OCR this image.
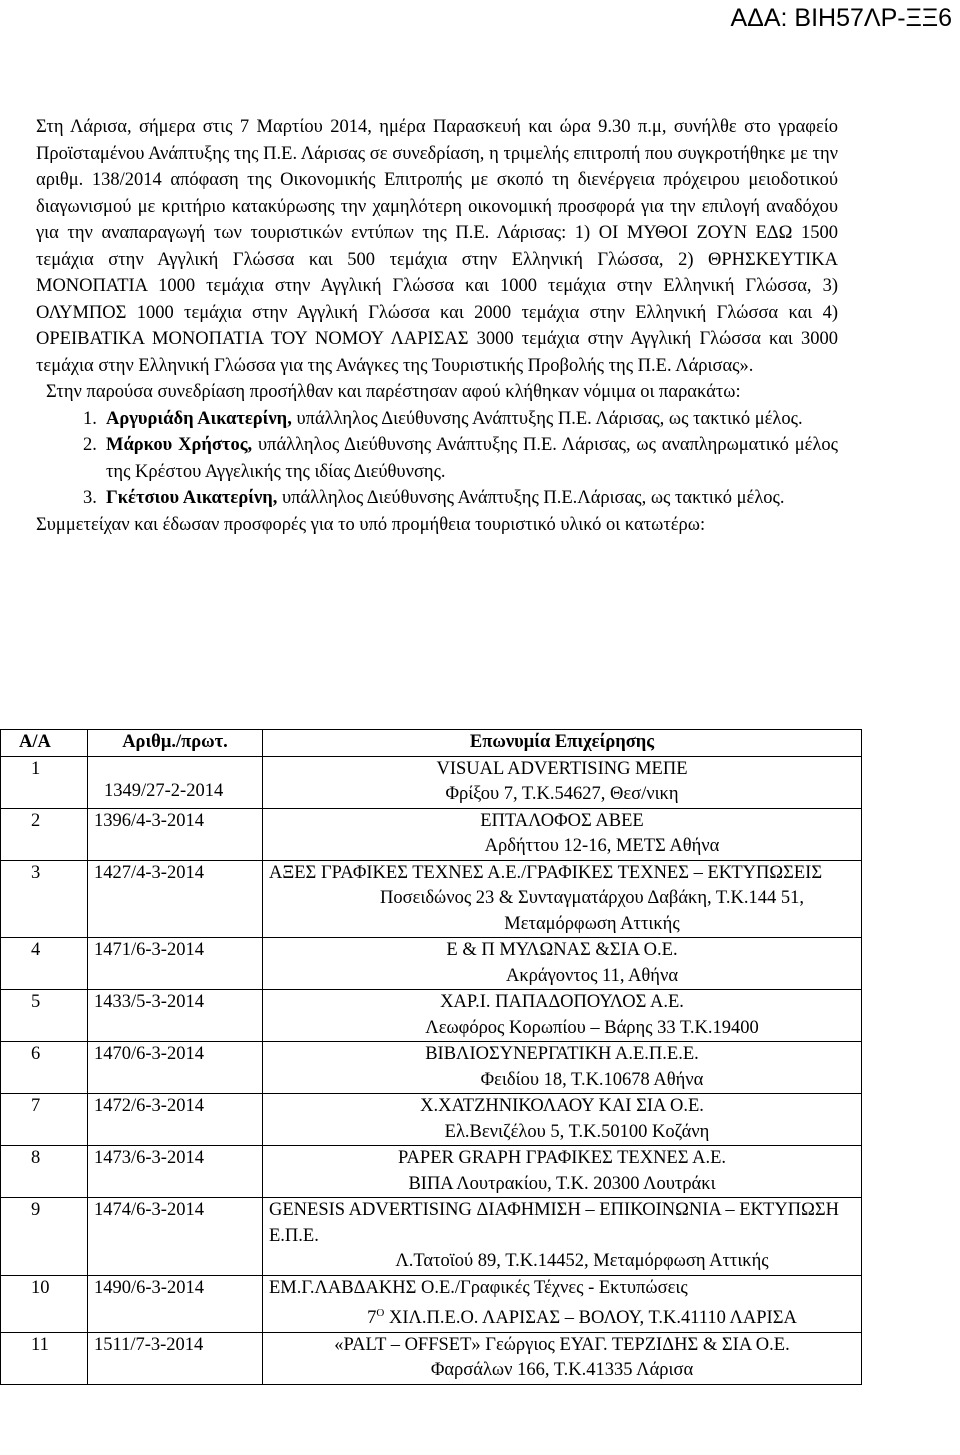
ΑΔΑ: ΒΙΗ57ΛΡ-ΞΞ6

Στη Λάρισα, σήμερα στις 7 Μαρτίου 2014, ημέρα Παρασκευή και ώρα 9.30 π.μ, συνήλθε στο γραφείο Προϊσταμένου Ανάπτυξης της Π.Ε. Λάρισας σε συνεδρίαση, η τριμελής επιτροπή που συγκροτήθηκε με την αριθμ. 138/2014 απόφαση της Οικονομικής Επιτροπής με σκοπό τη διενέργεια πρόχειρου μειοδοτικού διαγωνισμού με κριτήριο κατακύρωσης την χαμηλότερη οικονομική προσφορά για την επιλογή αναδόχου για την αναπαραγωγή των τουριστικών εντύπων της Π.Ε. Λάρισας: 1) ΟΙ ΜΥΘΟΙ ΖΟΥΝ ΕΔΩ 1500 τεμάχια στην Αγγλική Γλώσσα και 500 τεμάχια στην Ελληνική Γλώσσα, 2) ΘΡΗΣΚΕΥΤΙΚΑ ΜΟΝΟΠΑΤΙΑ 1000 τεμάχια στην Αγγλική Γλώσσα και 1000 τεμάχια στην Ελληνική Γλώσσα, 3) ΟΛΥΜΠΟΣ 1000 τεμάχια στην Αγγλική Γλώσσα και 2000 τεμάχια στην Ελληνική Γλώσσα και 4) ΟΡΕΙΒΑΤΙΚΑ ΜΟΝΟΠΑΤΙΑ ΤΟΥ ΝΟΜΟΥ ΛΑΡΙΣΑΣ 3000 τεμάχια στην Αγγλική Γλώσσα και 3000 τεμάχια στην Ελληνική Γλώσσα για της Ανάγκες της Τουριστικής Προβολής της Π.Ε. Λάρισας».

Στην παρούσα συνεδρίαση προσήλθαν και παρέστησαν αφού κλήθηκαν νόμιμα οι παρακάτω:

1. Αργυριάδη Αικατερίνη, υπάλληλος Διεύθυνσης Ανάπτυξης Π.Ε. Λάρισας, ως τακτικό μέλος.
2. Μάρκου Χρήστος, υπάλληλος Διεύθυνσης Ανάπτυξης Π.Ε. Λάρισας, ως αναπληρωματικό μέλος της Κρέστου Αγγελικής της ιδίας Διεύθυνσης.
3. Γκέτσιου Αικατερίνη, υπάλληλος Διεύθυνσης Ανάπτυξης Π.Ε.Λάρισας, ως τακτικό μέλος.

Συμμετείχαν και έδωσαν προσφορές για το υπό προμήθεια τουριστικό υλικό οι κατωτέρω:

Α/Α	Αριθμ./πρωτ.	Επωνυμία Επιχείρησης
1	1349/27-2-2014	VISUAL ADVERTISING ΜΕΠΕ
Φρίξου 7, Τ.Κ.54627, Θεσ/νικη

2	1396/4-3-2014	ΕΠΤΑΛΟΦΟΣ ΑΒΕΕ
Αρδήττου 12-16, ΜΕΤΣ Αθήνα

3	1427/4-3-2014	ΑΞΕΣ ΓΡΑΦΙΚΕΣ ΤΕΧΝΕΣ Α.Ε./ΓΡΑΦΙΚΕΣ ΤΕΧΝΕΣ – ΕΚΤΥΠΩΣΕΙΣ
Ποσειδώνος 23 & Συνταγματάρχου Δαβάκη, Τ.Κ.144 51, Μεταμόρφωση Αττικής

4	1471/6-3-2014	Ε & Π ΜΥΛΩΝΑΣ &ΣΙΑ Ο.Ε.
Ακράγοντος 11, Αθήνα

5	1433/5-3-2014	ΧΑΡ.Ι. ΠΑΠΑΔΟΠΟΥΛΟΣ Α.Ε.
Λεωφόρος Κορωπίου – Βάρης 33 Τ.Κ.19400

6	1470/6-3-2014	ΒΙΒΛΙΟΣΥΝΕΡΓΑΤΙΚΗ Α.Ε.Π.Ε.Ε.
Φειδίου 18, Τ.Κ.10678 Αθήνα

7	1472/6-3-2014	Χ.ΧΑΤΖΗΝΙΚΟΛΑΟΥ ΚΑΙ ΣΙΑ Ο.Ε.
Ελ.Βενιζέλου 5, Τ.Κ.50100 Κοζάνη

8	1473/6-3-2014	PAPER GRAPH ΓΡΑΦΙΚΕΣ ΤΕΧΝΕΣ Α.Ε.
ΒΙΠΑ Λουτρακίου, Τ.Κ. 20300 Λουτράκι

9	1474/6-3-2014	GENESIS ADVERTISING ΔΙΑΦΗΜΙΣΗ – ΕΠΙΚΟΙΝΩΝΙΑ – ΕΚΤΥΠΩΣΗ Ε.Π.Ε.
Λ.Τατοϊού 89, Τ.Κ.14452, Μεταμόρφωση Αττικής

10	1490/6-3-2014	ΕΜ.Γ.ΛΑΒΔΑΚΗΣ Ο.Ε./Γραφικές Τέχνες - Εκτυπώσεις
$7^O$ ΧΙΛ.Π.Ε.Ο. ΛΑΡΙΣΑΣ – ΒΟΛΟΥ, Τ.Κ.41110 ΛΑΡΙΣΑ

11	1511/7-3-2014	«PALT – OFFSET» Γεώργιος ΕΥΑΓ. ΤΕΡΖΙΔΗΣ & ΣΙΑ Ο.Ε.
Φαρσάλων 166, Τ.Κ.41335 Λάρισα
